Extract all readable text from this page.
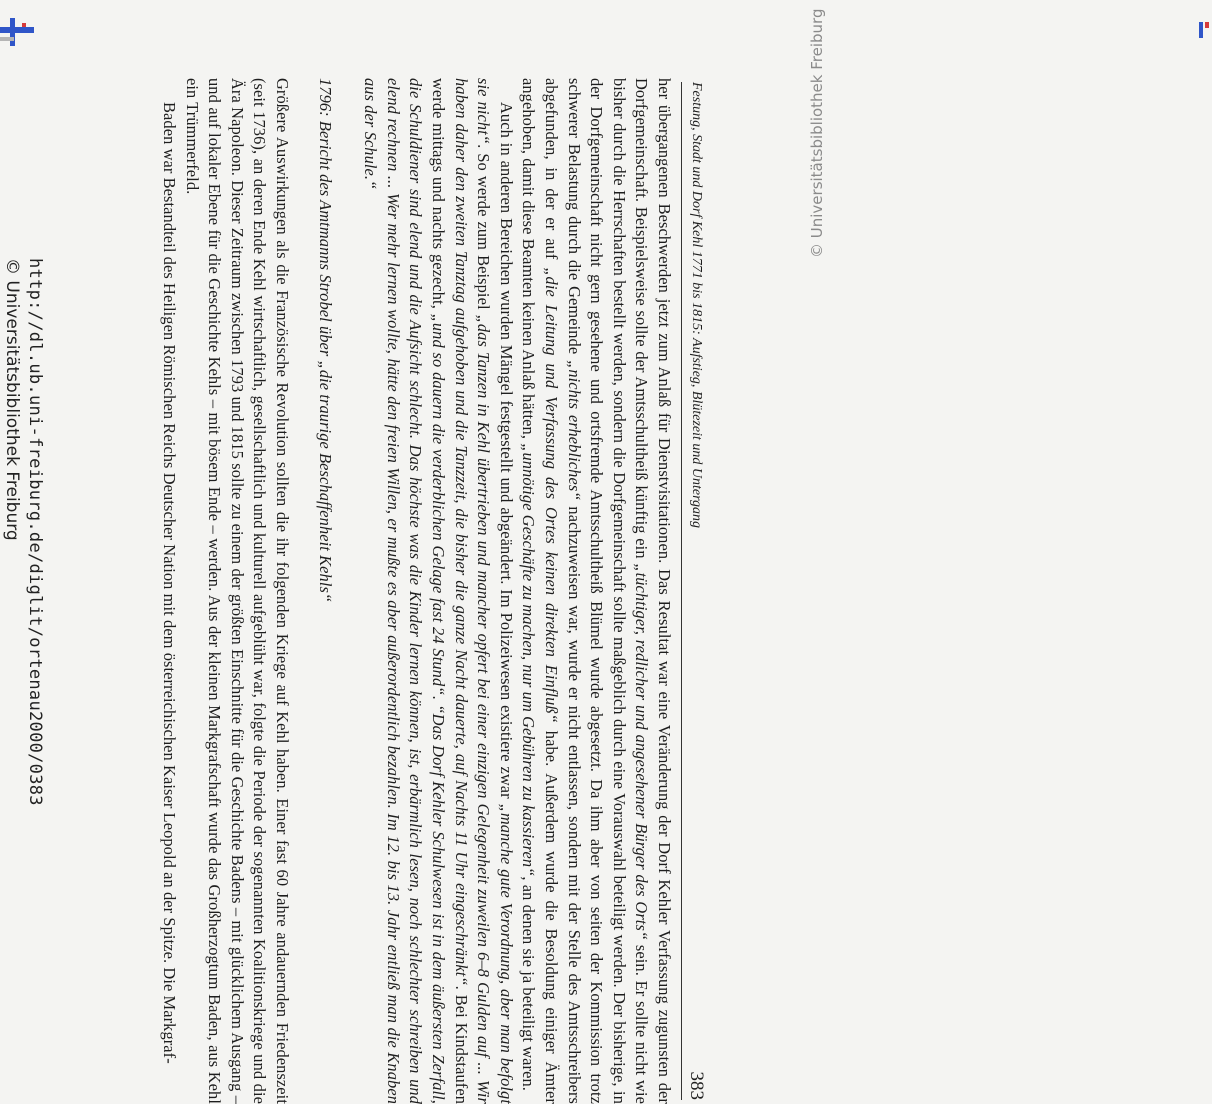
Festung, Stadt und Dorf Kehl 1771 bis 1815: Aufstieg, Blütezeit und Untergang
383

her übergangenen Beschwerden jetzt zum Anlaß für Dienstvisitationen. Das Resultat war eine Veränderung der Dorf Kehler Verfassung zugunsten der Dorfgemeinschaft. Beispielsweise sollte der Amtsschultheiß künftig ein „tüchtiger, redlicher und angesehener Bürger des Orts“ sein. Er sollte nicht wie bisher durch die Herrschaften bestellt werden, sondern die Dorfgemeinschaft sollte maßgeblich durch eine Vorauswahl beteiligt werden. Der bisherige, in der Dorfgemeinschaft nicht gern gesehene und ortsfremde Amtsschultheiß Blümel wurde abgesetzt. Da ihm aber von seiten der Kommission trotz schwerer Belastung durch die Gemeinde „nichts erhebliches“ nachzuweisen war, wurde er nicht entlassen, sondern mit der Stelle des Amtsschreibers abgefunden, in der er auf „die Leitung und Verfassung des Ortes keinen direkten Einfluß“ habe. Außerdem wurde die Besoldung einiger Ämter angehoben, damit diese Beamten keinen Anlaß hätten, „unnötige Geschäfte zu machen, nur um Gebühren zu kassieren“, an denen sie ja beteiligt waren.

Auch in anderen Bereichen wurden Mängel festgestellt und abgeändert. Im Polizeiwesen existiere zwar „manche gute Verordnung, aber man befolgt sie nicht“. So werde zum Beispiel „das Tanzen in Kehl übertrieben und mancher opfert bei einer einzigen Gelegenheit zuweilen 6–8 Gulden auf ... Wir haben daher den zweiten Tanztag aufgehoben und die Tanzzeit, die bisher die ganze Nacht dauerte, auf Nachts 11 Uhr eingeschränkt“. Bei Kindstaufen werde mittags und nachts gezecht, „und so dauern die verderblichen Gelage fast 24 Stund“. “Das Dorf Kehler Schulwesen ist in dem äußersten Zerfall, die Schuldiener sind elend und die Aufsicht schlecht. Das höchste was die Kinder lernen können, ist, erbärmlich lesen, noch schlechter schreiben und elend rechnen ... Wer mehr lernen wollte, hätte den freien Willen, er mußte es aber außerordentlich bezahlen. Im 12. bis 13. Jahr entließ man die Knaben aus der Schule.“

1796: Bericht des Amtmanns Strobel über „die traurige Beschaffenheit Kehls“

Größere Auswirkungen als die Französische Revolution sollten die ihr folgenden Kriege auf Kehl haben. Einer fast 60 Jahre andauernden Friedenszeit (seit 1736), an deren Ende Kehl wirtschaftlich, gesellschaftlich und kulturell aufgeblüht war, folgte die Periode der sogenannten Koalitionskriege und die Ära Napoleon. Dieser Zeitraum zwischen 1793 und 1815 sollte zu einem der größten Einschnitte für die Geschichte Badens – mit glücklichem Ausgang – und auf lokaler Ebene für die Geschichte Kehls – mit bösem Ende – werden. Aus der kleinen Markgrafschaft wurde das Großherzogtum Baden, aus Kehl ein Trümmerfeld.

Baden war Bestandteil des Heiligen Römischen Reichs Deutscher Nation mit dem österreichischen Kaiser Leopold an der Spitze. Die Markgraf-	© Universitätsbibliothek Freiburg
http://dl.ub.uni-freiburg.de/diglit/ortenau2000/0383
© Universitätsbibliothek Freiburg
